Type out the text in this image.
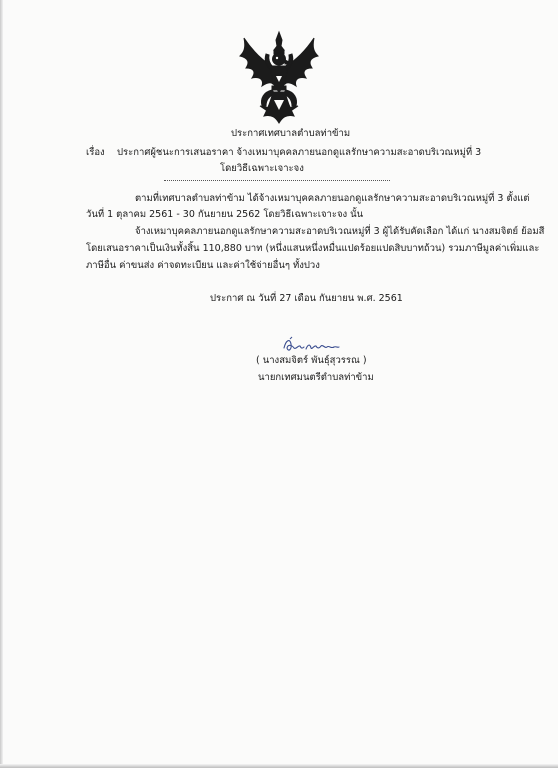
ประกาศเทศบาลตำบลท่าข้าม
เรื่อง ประกาศผู้ชนะการเสนอราคา จ้างเหมาบุคคลภายนอกดูแลรักษาความสะอาดบริเวณหมู่ที่ 3
โดยวิธีเฉพาะเจาะจง
ตามที่เทศบาลตำบลท่าข้าม ได้จ้างเหมาบุคคลภายนอกดูแลรักษาความสะอาดบริเวณหมู่ที่ 3 ตั้งแต่
วันที่ 1 ตุลาคม 2561 - 30 กันยายน 2562 โดยวิธีเฉพาะเจาะจง นั้น
จ้างเหมาบุคคลภายนอกดูแลรักษาความสะอาดบริเวณหมู่ที่ 3 ผู้ได้รับคัดเลือก ได้แก่ นางสมจิตย์ ย้อมสี
โดยเสนอราคาเป็นเงินทั้งสิ้น 110,880 บาท (หนึ่งแสนหนึ่งหมื่นแปดร้อยแปดสิบบาทถ้วน) รวมภาษีมูลค่าเพิ่มและ
ภาษีอื่น ค่าขนส่ง ค่าจดทะเบียน และค่าใช้จ่ายอื่นๆ ทั้งปวง
ประกาศ ณ วันที่ 27 เดือน กันยายน พ.ศ. 2561
( นางสมจิตร์ พันธุ์สุวรรณ )
นายกเทศมนตรีตำบลท่าข้าม
